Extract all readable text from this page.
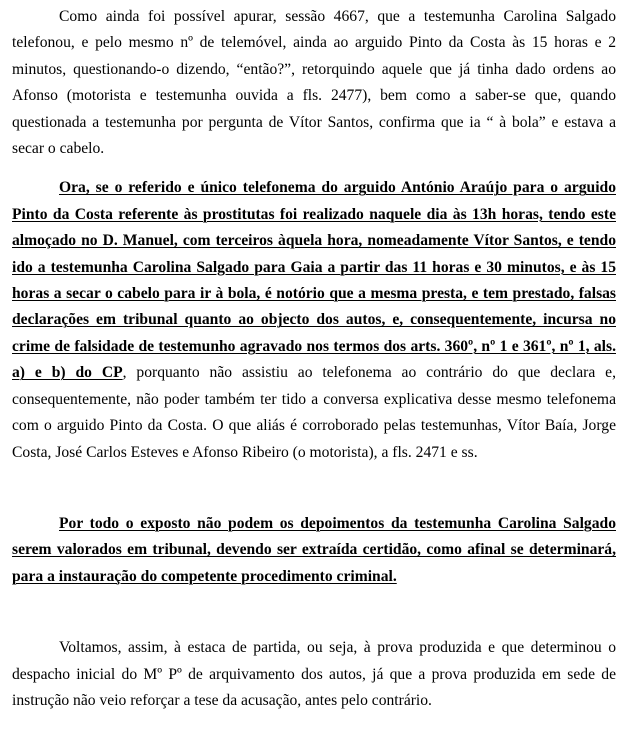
Como ainda foi possível apurar, sessão 4667, que a testemunha Carolina Salgado telefonou, e pelo mesmo nº de telemóvel, ainda ao arguido Pinto da Costa às 15 horas e 2 minutos, questionando-o dizendo, “então?”, retorquindo aquele que já tinha dado ordens ao Afonso (motorista e testemunha ouvida a fls. 2477), bem como a saber-se que, quando questionada a testemunha por pergunta de Vítor Santos, confirma que ia “ à bola” e estava a secar o cabelo.

Ora, se o referido e único telefonema do arguido António Araújo para o arguido Pinto da Costa referente às prostitutas foi realizado naquele dia às 13h horas, tendo este almoçado no D. Manuel, com terceiros àquela hora, nomeadamente Vítor Santos, e tendo ido a testemunha Carolina Salgado para Gaia a partir das 11 horas e 30 minutos, e às 15 horas a secar o cabelo para ir à bola, é notório que a mesma presta, e tem prestado, falsas declarações em tribunal quanto ao objecto dos autos, e, consequentemente, incursa no crime de falsidade de testemunho agravado nos termos dos arts. 360º, nº 1 e 361º, nº 1, als. a) e b) do CP, porquanto não assistiu ao telefonema ao contrário do que declara e, consequentemente, não poder também ter tido a conversa explicativa desse mesmo telefonema com o arguido Pinto da Costa. O que aliás é corroborado pelas testemunhas, Vítor Baía, Jorge Costa, José Carlos Esteves e Afonso Ribeiro (o motorista), a fls. 2471 e ss.

Por todo o exposto não podem os depoimentos da testemunha Carolina Salgado serem valorados em tribunal, devendo ser extraída certidão, como afinal se determinará, para a instauração do competente procedimento criminal.

Voltamos, assim, à estaca de partida, ou seja, à prova produzida e que determinou o despacho inicial do Mº Pº de arquivamento dos autos, já que a prova produzida em sede de instrução não veio reforçar a tese da acusação, antes pelo contrário.
